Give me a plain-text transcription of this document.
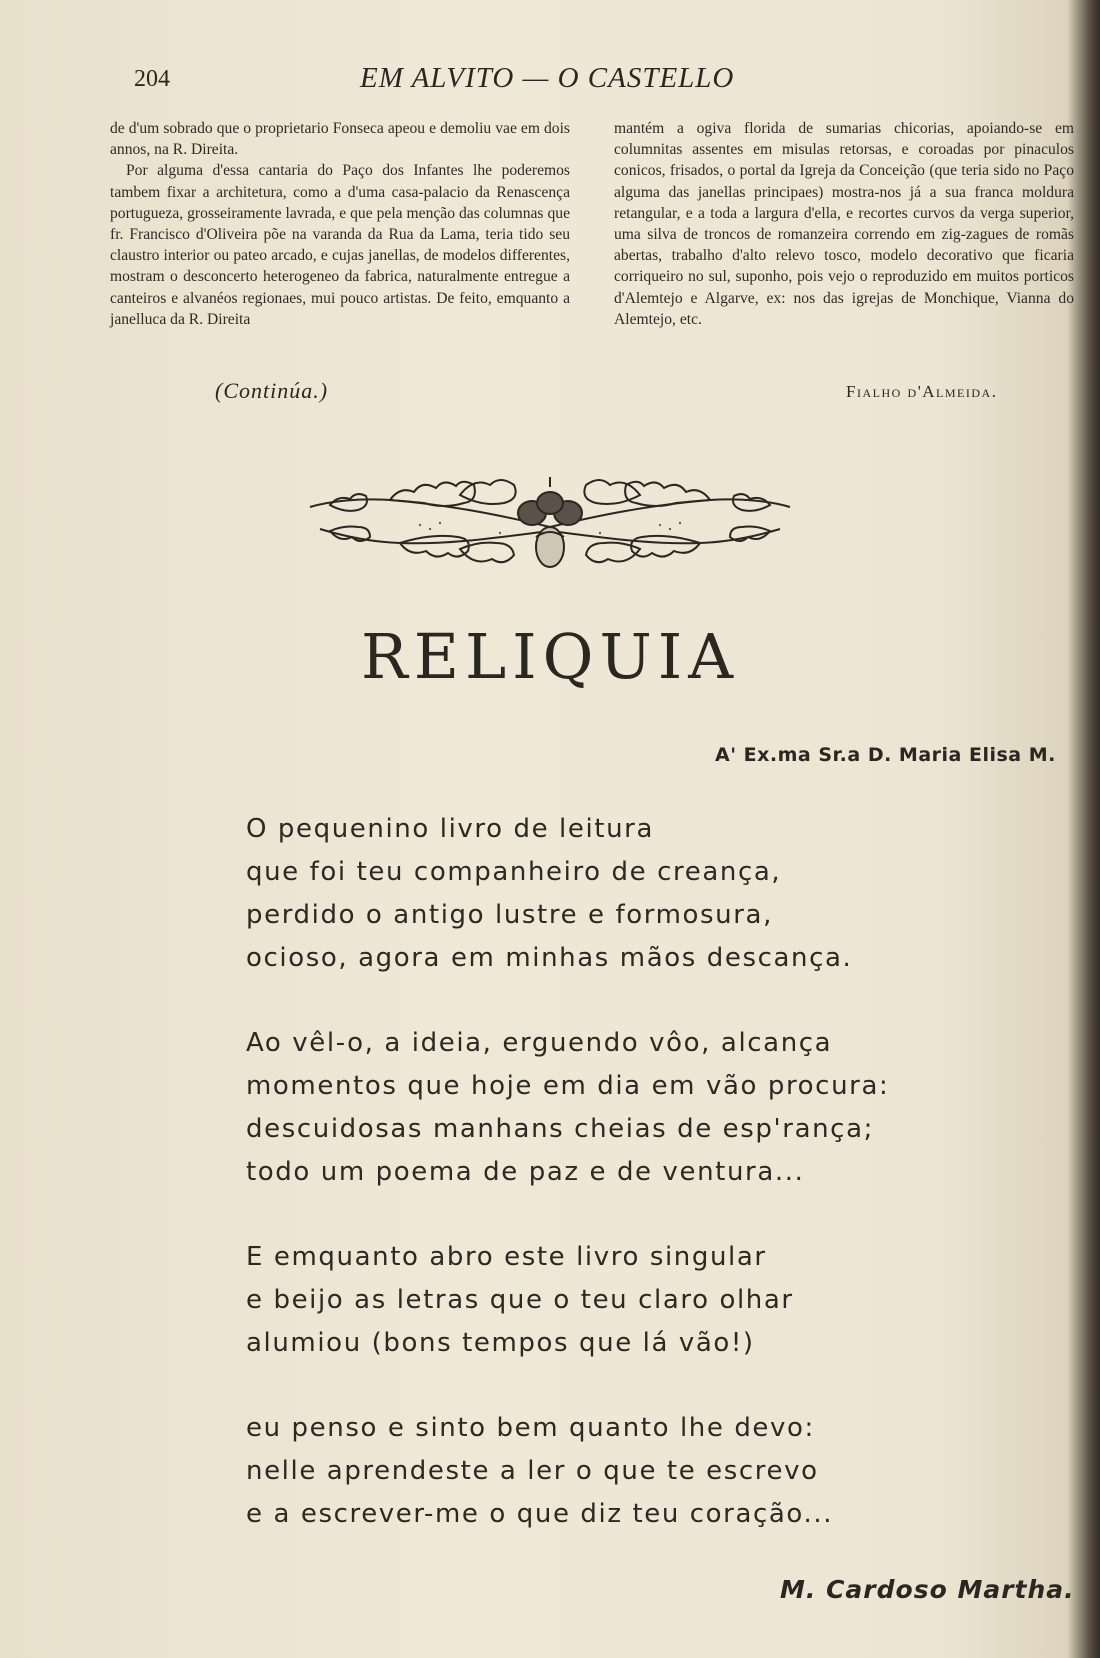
204	EM ALVITO — O CASTELLO

de d'um sobrado que o proprietario Fonseca apeou e demoliu vae em dois annos, na R. Direita.

Por alguma d'essa cantaria do Paço dos Infantes lhe poderemos tambem fixar a architetura, como a d'uma casa-palacio da Renascença portugueza, grosseiramente lavrada, e que pela menção das columnas que fr. Francisco d'Oliveira põe na varanda da Rua da Lama, teria tido seu claustro interior ou pateo arcado, e cujas janellas, de modelos differentes, mostram o desconcerto heterogeneo da fabrica, naturalmente entregue a canteiros e alvanéos regionaes, mui pouco artistas. De feito, emquanto a janelluca da R. Direita

mantém a ogiva florida de sumarias chicorias, apoiando-se em columnitas assentes em misulas retorsas, e coroadas por pinaculos conicos, frisados, o portal da Igreja da Conceição (que teria sido no Paço alguma das janellas principaes) mostra-nos já a sua franca moldura retangular, e a toda a largura d'ella, e recortes curvos da verga superior, uma silva de troncos de romanzeira correndo em zig-zagues de romãs abertas, trabalho d'alto relevo tosco, modelo decorativo que ficaria corriqueiro no sul, suponho, pois vejo o reproduzido em muitos porticos d'Alemtejo e Algarve, ex: nos das igrejas de Monchique, Vianna do Alemtejo, etc.

(Continúa.)	Fialho d'Almeida.
RELIQUIA
A' Ex.ma Sr.a D. Maria Elisa M.
O pequenino livro de leitura
que foi teu companheiro de creança,
perdido o antigo lustre e formosura,
ocioso, agora em minhas mãos descança.
Ao vêl-o, a ideia, erguendo vôo, alcança
momentos que hoje em dia em vão procura:
descuidosas manhans cheias de esp'rança;
todo um poema de paz e de ventura...
E emquanto abro este livro singular
e beijo as letras que o teu claro olhar
alumiou (bons tempos que lá vão!)
eu penso e sinto bem quanto lhe devo:
nelle aprendeste a ler o que te escrevo
e a escrever-me o que diz teu coração...
M. Cardoso Martha.
